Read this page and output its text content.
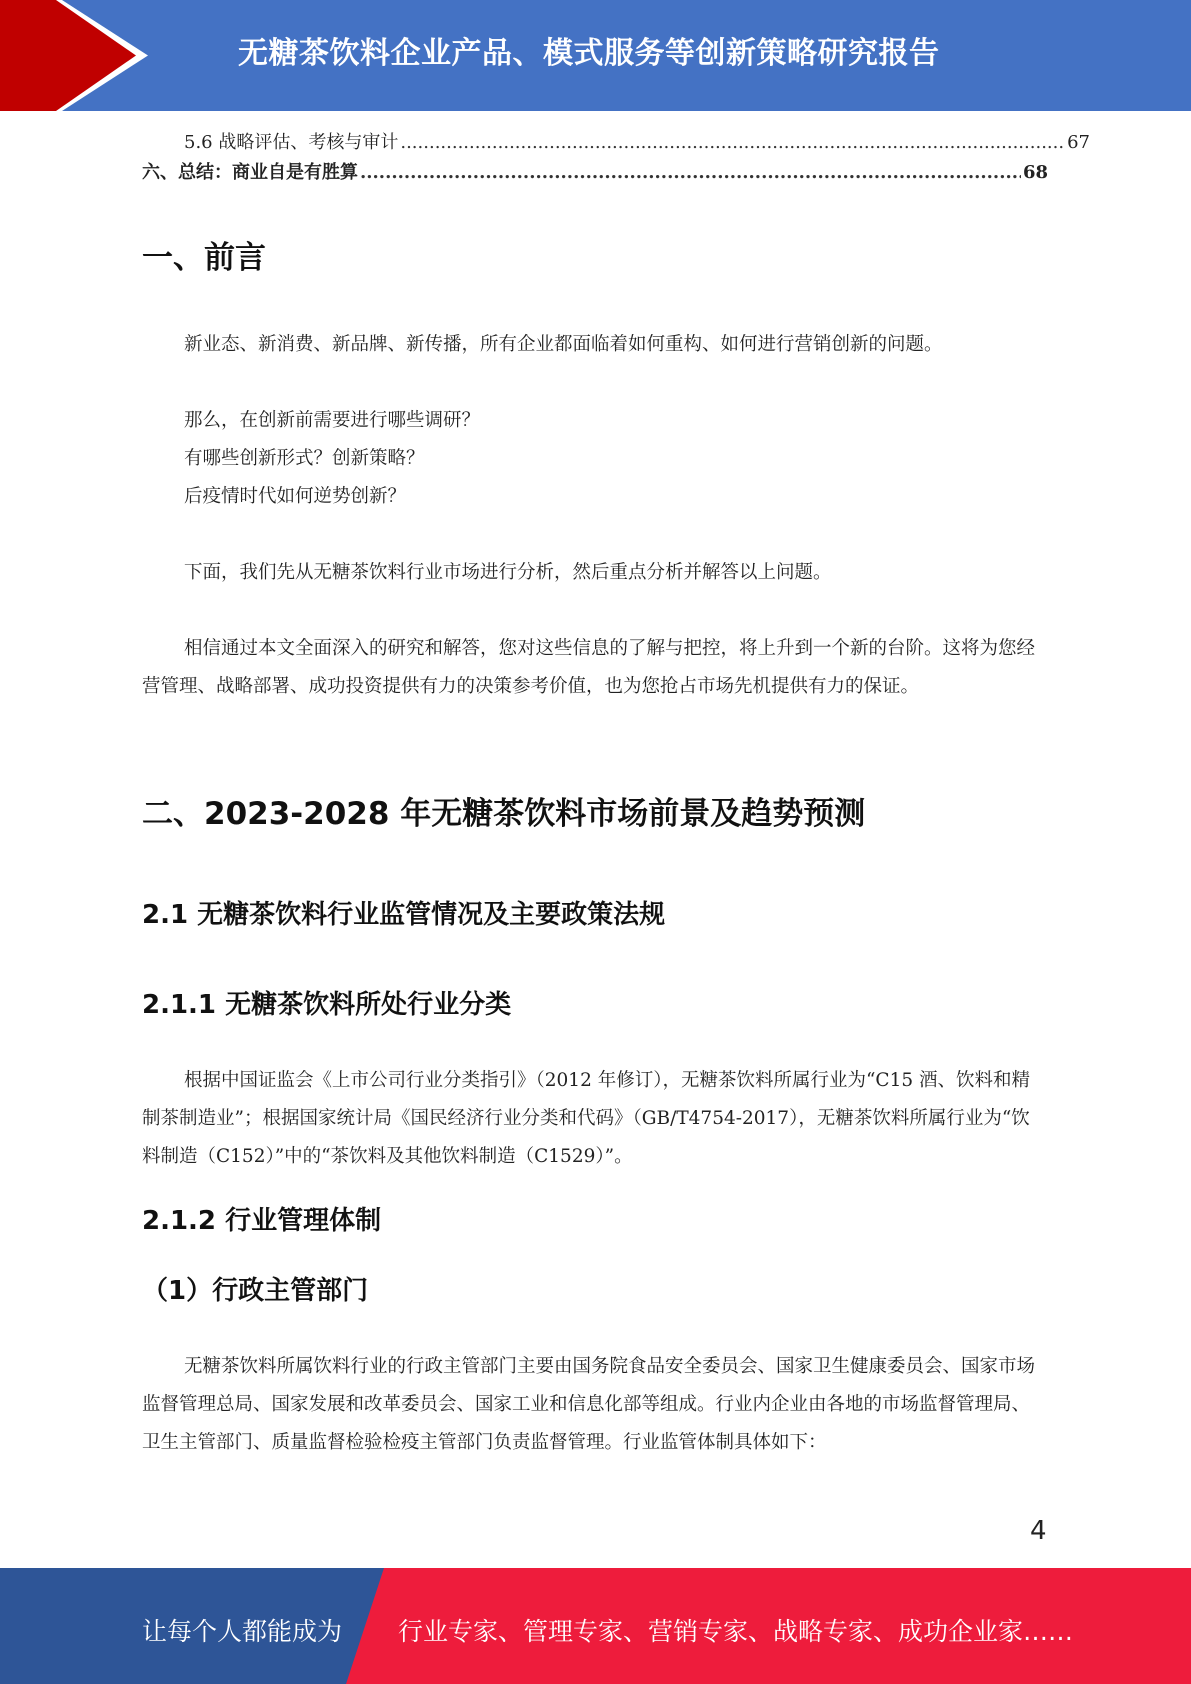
无糖茶饮料企业产品、模式服务等创新策略研究报告
5.6 战略评估、考核与审计 .....	67
六、总结：商业自是有胜算 .....	68
一、前言

新业态、新消费、新品牌、新传播，所有企业都面临着如何重构、如何进行营销创新的问题。

那么，在创新前需要进行哪些调研？

有哪些创新形式？创新策略？

后疫情时代如何逆势创新？

下面，我们先从无糖茶饮料行业市场进行分析，然后重点分析并解答以上问题。

相信通过本文全面深入的研究和解答，您对这些信息的了解与把控，将上升到一个新的台阶。这将为您经营管理、战略部署、成功投资提供有力的决策参考价值，也为您抢占市场先机提供有力的保证。

二、2023-2028 年无糖茶饮料市场前景及趋势预测
2.1 无糖茶饮料行业监管情况及主要政策法规
2.1.1 无糖茶饮料所处行业分类

根据中国证监会《上市公司行业分类指引》（2012 年修订），无糖茶饮料所属行业为“C15 酒、饮料和精制茶制造业”；根据国家统计局《国民经济行业分类和代码》（GB/T4754-2017），无糖茶饮料所属行业为“饮料制造（C152）”中的“茶饮料及其他饮料制造（C1529）”。

2.1.2 行业管理体制
（1）行政主管部门

无糖茶饮料所属饮料行业的行政主管部门主要由国务院食品安全委员会、国家卫生健康委员会、国家市场监督管理总局、国家发展和改革委员会、国家工业和信息化部等组成。行业内企业由各地的市场监督管理局、卫生主管部门、质量监督检验检疫主管部门负责监督管理。行业监管体制具体如下：

4
让每个人都能成为 行业专家、管理专家、营销专家、战略专家、成功企业家……
